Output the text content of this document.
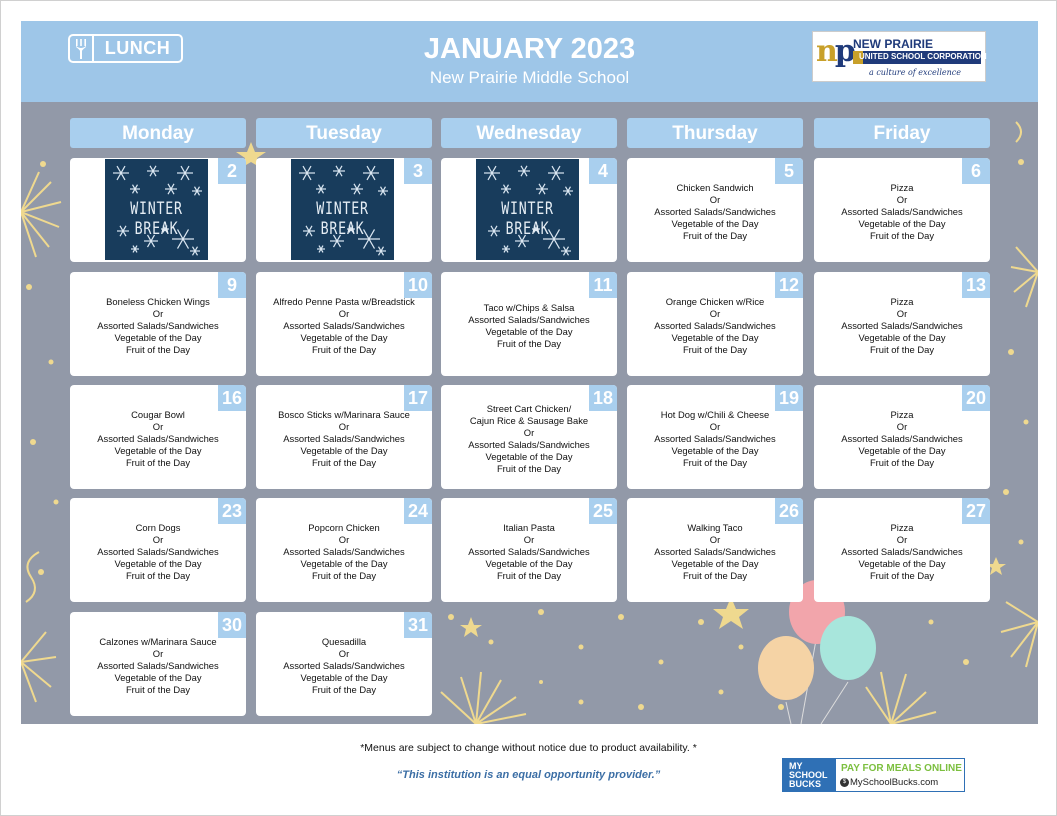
LUNCH	JANUARY 2023
New Prairie Middle School
np NEW PRAIRIE
UNITED SCHOOL CORPORATION
a culture of excellence
Monday	Tuesday	Wednesday	Thursday	Friday
2
WINTER BREAK
3
WINTER BREAK
4
WINTER BREAK
5
Chicken Sandwich
Or
Assorted Salads/Sandwiches
Vegetable of the Day
Fruit of the Day
6
Pizza
Or
Assorted Salads/Sandwiches
Vegetable of the Day
Fruit of the Day
9
Boneless Chicken Wings
Or
Assorted Salads/Sandwiches
Vegetable of the Day
Fruit of the Day
10
Alfredo Penne Pasta w/Breadstick
Or
Assorted Salads/Sandwiches
Vegetable of the Day
Fruit of the Day
11
Taco w/Chips & Salsa
Assorted Salads/Sandwiches
Vegetable of the Day
Fruit of the Day
12
Orange Chicken w/Rice
Or
Assorted Salads/Sandwiches
Vegetable of the Day
Fruit of the Day
13
Pizza
Or
Assorted Salads/Sandwiches
Vegetable of the Day
Fruit of the Day
16
Cougar Bowl
Or
Assorted Salads/Sandwiches
Vegetable of the Day
Fruit of the Day
17
Bosco Sticks w/Marinara Sauce
Or
Assorted Salads/Sandwiches
Vegetable of the Day
Fruit of the Day
18
Street Cart Chicken/
Cajun Rice & Sausage Bake
Or
Assorted Salads/Sandwiches
Vegetable of the Day
Fruit of the Day
19
Hot Dog w/Chili & Cheese
Or
Assorted Salads/Sandwiches
Vegetable of the Day
Fruit of the Day
20
Pizza
Or
Assorted Salads/Sandwiches
Vegetable of the Day
Fruit of the Day
23
Corn Dogs
Or
Assorted Salads/Sandwiches
Vegetable of the Day
Fruit of the Day
24
Popcorn Chicken
Or
Assorted Salads/Sandwiches
Vegetable of the Day
Fruit of the Day
25
Italian Pasta
Or
Assorted Salads/Sandwiches
Vegetable of the Day
Fruit of the Day
26
Walking Taco
Or
Assorted Salads/Sandwiches
Vegetable of the Day
Fruit of the Day
27
Pizza
Or
Assorted Salads/Sandwiches
Vegetable of the Day
Fruit of the Day
30
Calzones w/Marinara Sauce
Or
Assorted Salads/Sandwiches
Vegetable of the Day
Fruit of the Day
31
Quesadilla
Or
Assorted Salads/Sandwiches
Vegetable of the Day
Fruit of the Day
*Menus are subject to change without notice due to product availability. *
“This institution is an equal opportunity provider.”
MY
SCHOOL
BUCKS
PAY FOR MEALS ONLINE
$ MySchoolBucks.com
